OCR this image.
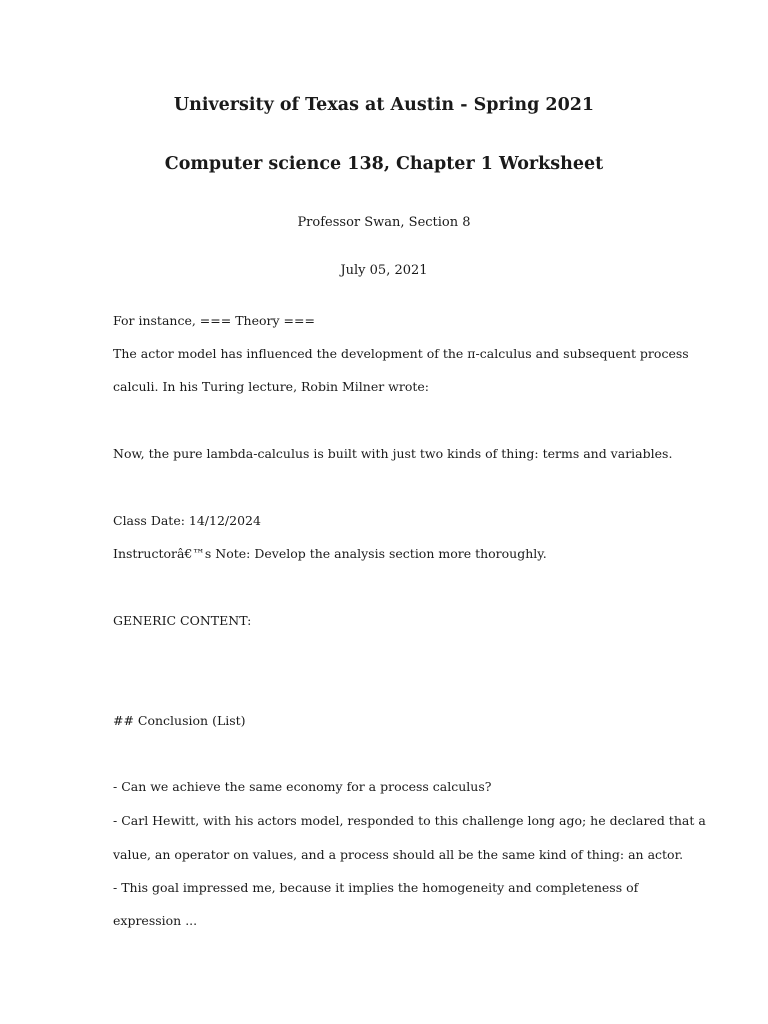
University of Texas at Austin - Spring 2021
Computer science 138, Chapter 1 Worksheet
Professor Swan, Section 8
July 05, 2021
For instance, === Theory ===
The actor model has influenced the development of the π-calculus and subsequent process
calculi. In his Turing lecture, Robin Milner wrote:
Now, the pure lambda-calculus is built with just two kinds of thing: terms and variables.
Class Date: 14/12/2024
Instructorâ€™s Note: Develop the analysis section more thoroughly.
GENERIC CONTENT:
## Conclusion (List)
- Can we achieve the same economy for a process calculus?
- Carl Hewitt, with his actors model, responded to this challenge long ago; he declared that a
value, an operator on values, and a process should all be the same kind of thing: an actor.
- This goal impressed me, because it implies the homogeneity and completeness of
expression ...
